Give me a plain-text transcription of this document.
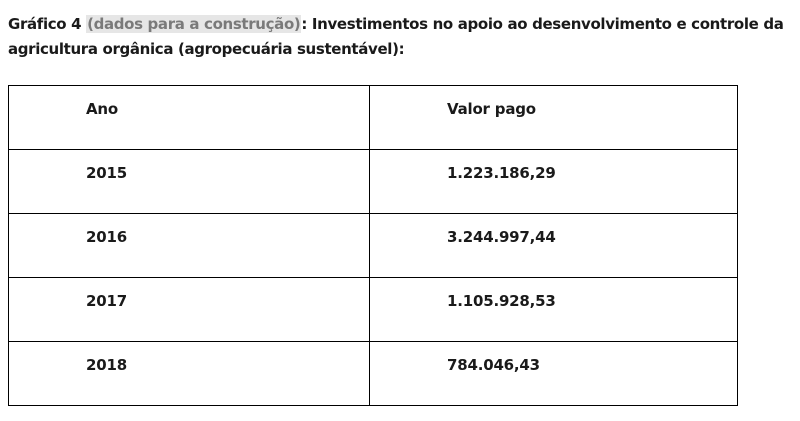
Gráfico 4 (dados para a construção): Investimentos no apoio ao desenvolvimento e controle da
agricultura orgânica (agropecuária sustentável):
Ano	Valor pago

2015	1.223.186,29

2016	3.244.997,44

2017	1.105.928,53

2018	784.046,43
